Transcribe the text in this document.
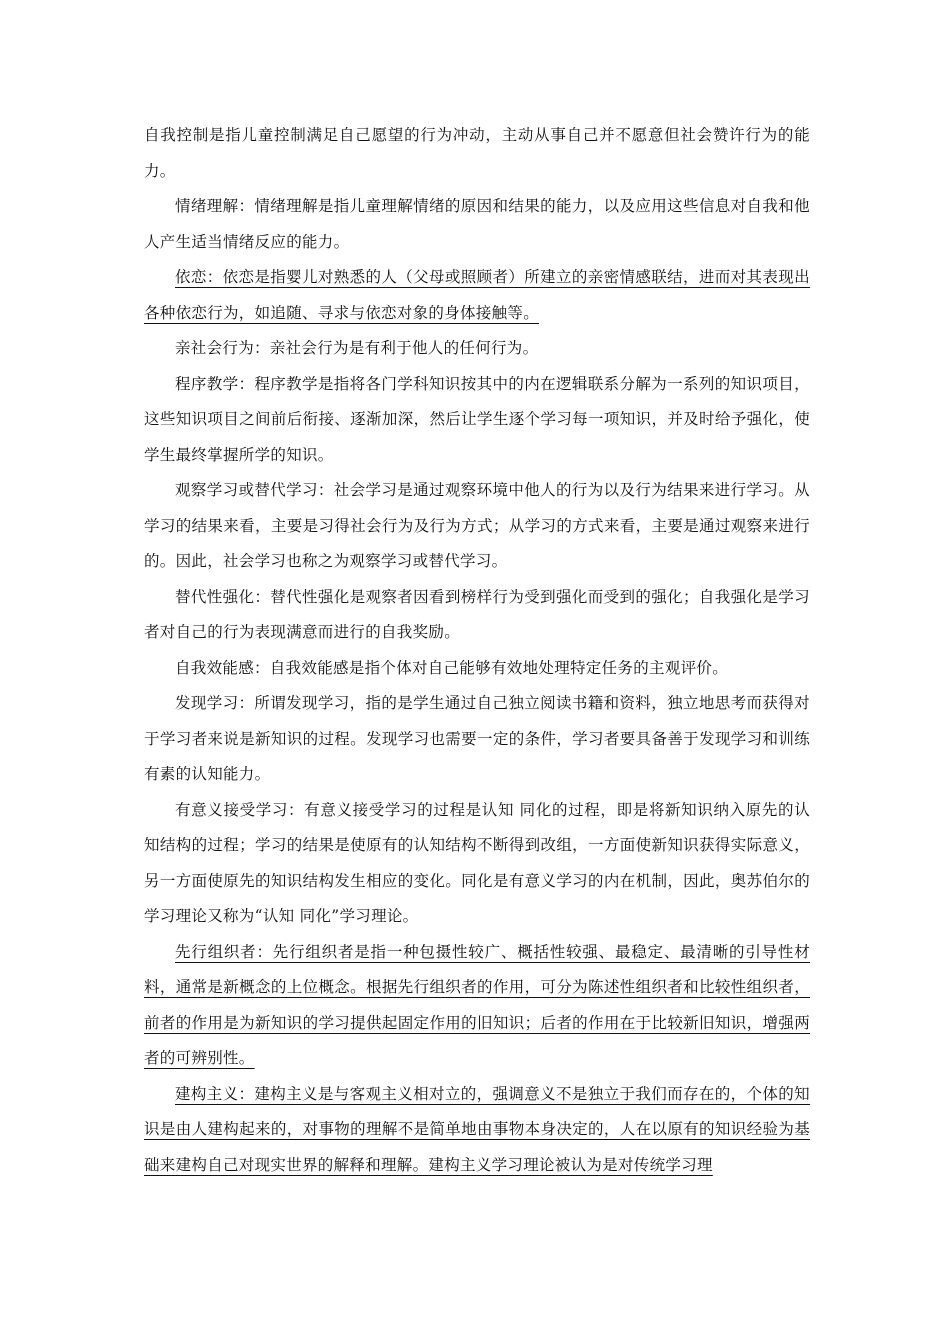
自我控制是指儿童控制满足自己愿望的行为冲动，主动从事自己并不愿意但社会赞许行为的能力。

情绪理解：情绪理解是指儿童理解情绪的原因和结果的能力，以及应用这些信息对自我和他人产生适当情绪反应的能力。

依恋：依恋是指婴儿对熟悉的人（父母或照顾者）所建立的亲密情感联结，进而对其表现出各种依恋行为，如追随、寻求与依恋对象的身体接触等。

亲社会行为：亲社会行为是有利于他人的任何行为。

程序教学：程序教学是指将各门学科知识按其中的内在逻辑联系分解为一系列的知识项目，这些知识项目之间前后衔接、逐渐加深，然后让学生逐个学习每一项知识，并及时给予强化，使学生最终掌握所学的知识。

观察学习或替代学习：社会学习是通过观察环境中他人的行为以及行为结果来进行学习。从学习的结果来看，主要是习得社会行为及行为方式；从学习的方式来看，主要是通过观察来进行的。因此，社会学习也称之为观察学习或替代学习。

替代性强化：替代性强化是观察者因看到榜样行为受到强化而受到的强化；自我强化是学习者对自己的行为表现满意而进行的自我奖励。

自我效能感：自我效能感是指个体对自己能够有效地处理特定任务的主观评价。

发现学习：所谓发现学习，指的是学生通过自己独立阅读书籍和资料，独立地思考而获得对于学习者来说是新知识的过程。发现学习也需要一定的条件，学习者要具备善于发现学习和训练有素的认知能力。

有意义接受学习：有意义接受学习的过程是认知 同化的过程，即是将新知识纳入原先的认知结构的过程；学习的结果是使原有的认知结构不断得到改组，一方面使新知识获得实际意义，另一方面使原先的知识结构发生相应的变化。同化是有意义学习的内在机制，因此，奥苏伯尔的学习理论又称为“认知 同化”学习理论。

先行组织者：先行组织者是指一种包摄性较广、概括性较强、最稳定、最清晰的引导性材料，通常是新概念的上位概念。根据先行组织者的作用，可分为陈述性组织者和比较性组织者，前者的作用是为新知识的学习提供起固定作用的旧知识；后者的作用在于比较新旧知识，增强两者的可辨别性。

建构主义：建构主义是与客观主义相对立的，强调意义不是独立于我们而存在的，个体的知识是由人建构起来的，对事物的理解不是简单地由事物本身决定的，人在以原有的知识经验为基础来建构自己对现实世界的解释和理解。建构主义学习理论被认为是对传统学习理
